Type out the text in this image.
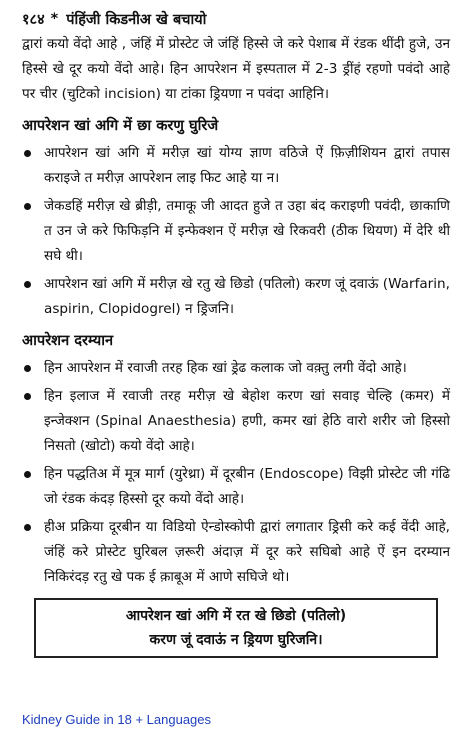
१८४ * पंहिंजी किडनीअ खे बचायो

द्वारां कयो वेंदो आहे , जंहिं में प्रोस्टेट जे जंहिं हिस्से जे करे पेशाब में रंडक थींदी हुजे, उन हिस्से खे दूर कयो वेंदो आहे। हिन आपरेशन में इस्पताल में 2-3 ड्रींहं रहणो पवंदो आहे पर चीर (चुटिको incision) या टांका ड्रियणा न पवंदा आहिनि।

आपरेशन खां अगि में छा करणु घुरिजे
आपरेशन खां अगि में मरीज़ खां योग्य ज्ञाण वठिजे ऐं फ़िज़ीशियन द्वारां तपास कराइजे त मरीज़ आपरेशन लाइ फिट आहे या न।
जेकडहिं मरीज़ खे ब्रीड़ी, तमाकू जी आदत हुजे त उहा बंद कराइणी पवंदी, छाकाणि त उन जे करे फिफिड़नि में इन्फेक्शन ऐं मरीज़ खे रिकवरी (ठीक थियण) में देरि थी सघे थी।
आपरेशन खां अगि में मरीज़ खे रतु खे छिडो (पतिलो) करण जूं दवाऊं (Warfarin, aspirin, Clopidogrel) न ड्रिजनि।
आपरेशन दरम्यान
हिन आपरेशन में रवाजी तरह हिक खां ड्रेढ कलाक जो वक़्तु लगी वेंदो आहे।
हिन इलाज में रवाजी तरह मरीज़ खे बेहोश करण खां सवाइ चेल्हि (कमर) में इन्जेक्शन (Spinal Anaesthesia) हणी, कमर खां हेठि वारो शरीर जो हिस्सो निसतो (खोटो) कयो वेंदो आहे।
हिन पद्धतिअ में मूत्र मार्ग (युरेथ्रा) में दूरबीन (Endoscope) विझी प्रोस्टेट जी गंढि जो रंडक कंदड़ हिस्सो दूर कयो वेंदो आहे।
हीअ प्रक्रिया दूरबीन या विडियो ऐन्डोस्कोपी द्वारां लगातार ड्रिसी करे कई वेंदी आहे, जंहिं करे प्रोस्टेट घुरिबल ज़रूरी अंदाज़ में दूर करे सघिबो आहे ऐं इन दरम्यान निकिरंदड़ रतु खे पक ई क़ाबूअ में आणे सघिजे थो।
आपरेशन खां अगि में रत खे छिडो (पतिलो)
करण जूं दवाऊं न ड्रियण घुरिजनि।
Kidney Guide in 18 + Languages
